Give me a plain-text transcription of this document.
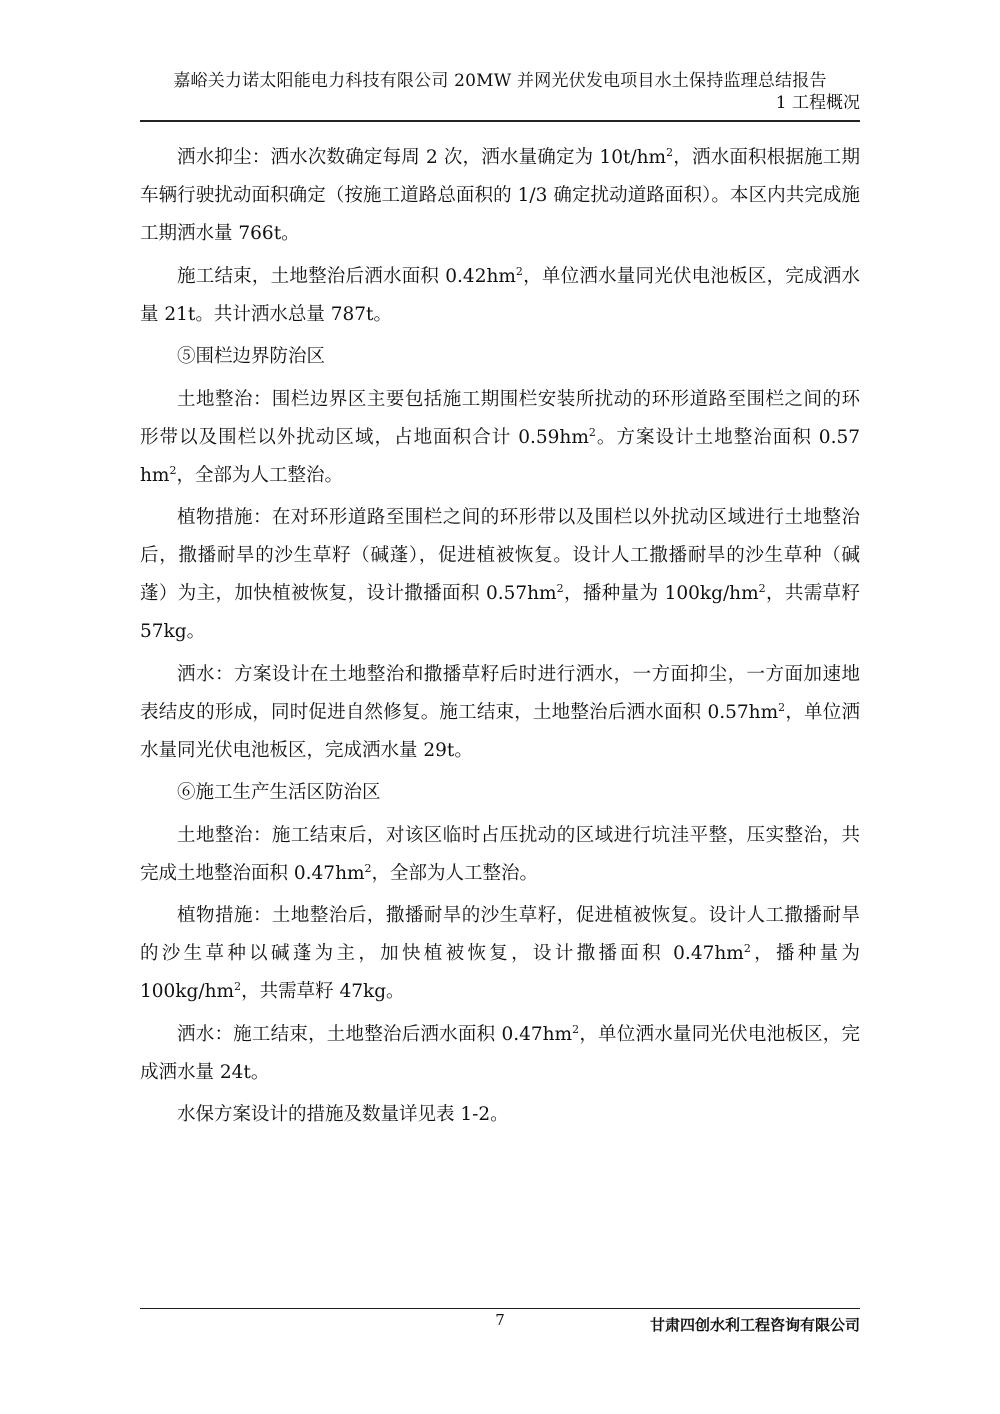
嘉峪关力诺太阳能电力科技有限公司 20MW 并网光伏发电项目水土保持监理总结报告
1 工程概况

洒水抑尘：洒水次数确定每周 2 次，洒水量确定为 $10t/hm^2$，洒水面积根据施工期车辆行驶扰动面积确定（按施工道路总面积的 1/3 确定扰动道路面积）。本区内共完成施工期洒水量 766t。

施工结束，土地整治后洒水面积 $0.42hm^2$，单位洒水量同光伏电池板区，完成洒水量 21t。共计洒水总量 787t。

⑤围栏边界防治区

土地整治：围栏边界区主要包括施工期围栏安装所扰动的环形道路至围栏之间的环形带以及围栏以外扰动区域，占地面积合计 $0.59hm^2$。方案设计土地整治面积 0.57 $hm^2$，全部为人工整治。

植物措施：在对环形道路至围栏之间的环形带以及围栏以外扰动区域进行土地整治后，撒播耐旱的沙生草籽（碱蓬），促进植被恢复。设计人工撒播耐旱的沙生草种（碱蓬）为主，加快植被恢复，设计撒播面积 $0.57hm^2$，播种量为 $100kg/hm^2$，共需草籽 57kg。

洒水：方案设计在土地整治和撒播草籽后时进行洒水，一方面抑尘，一方面加速地表结皮的形成，同时促进自然修复。施工结束，土地整治后洒水面积 $0.57hm^2$，单位洒水量同光伏电池板区，完成洒水量 29t。

⑥施工生产生活区防治区

土地整治：施工结束后，对该区临时占压扰动的区域进行坑洼平整，压实整治，共完成土地整治面积 $0.47hm^2$，全部为人工整治。

植物措施：土地整治后，撒播耐旱的沙生草籽，促进植被恢复。设计人工撒播耐旱的沙生草种以碱蓬为主，加快植被恢复，设计撒播面积 $0.47hm^2$，播种量为 $100kg/hm^2$，共需草籽 47kg。

洒水：施工结束，土地整治后洒水面积 $0.47hm^2$，单位洒水量同光伏电池板区，完成洒水量 24t。

水保方案设计的措施及数量详见表 1-2。

7	甘肃四创水利工程咨询有限公司
